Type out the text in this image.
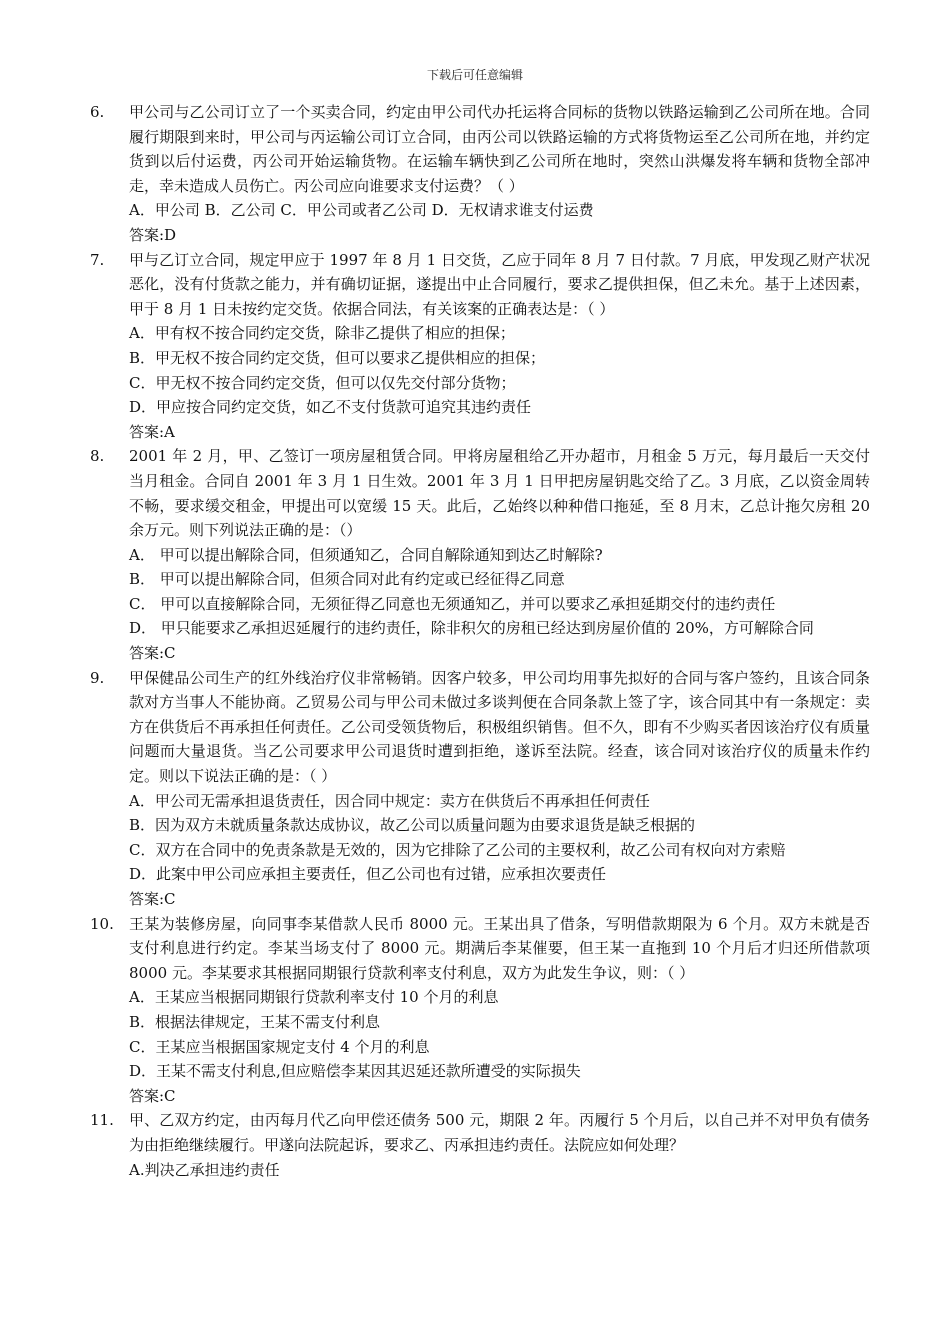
下载后可任意编辑
6.	甲公司与乙公司订立了一个买卖合同，约定由甲公司代办托运将合同标的货物以铁路运输到乙公司所在地。合同履行期限到来时，甲公司与丙运输公司订立合同，由丙公司以铁路运输的方式将货物运至乙公司所在地，并约定货到以后付运费，丙公司开始运输货物。在运输车辆快到乙公司所在地时，突然山洪爆发将车辆和货物全部冲走，幸未造成人员伤亡。丙公司应向谁要求支付运费？（ ）

A．甲公司 B．乙公司 C．甲公司或者乙公司 D．无权请求谁支付运费

答案:D

7.	甲与乙订立合同，规定甲应于 1997 年 8 月 1 日交货，乙应于同年 8 月 7 日付款。7 月底，甲发现乙财产状况恶化，没有付货款之能力，并有确切证据，遂提出中止合同履行，要求乙提供担保，但乙未允。基于上述因素，甲于 8 月 1 日未按约定交货。依据合同法，有关该案的正确表达是：（ ）

A．甲有权不按合同约定交货，除非乙提供了相应的担保；

B．甲无权不按合同约定交货，但可以要求乙提供相应的担保；

C．甲无权不按合同约定交货，但可以仅先交付部分货物；

D．甲应按合同约定交货，如乙不支付货款可追究其违约责任

答案:A

8.	2001 年 2 月，甲、乙签订一项房屋租赁合同。甲将房屋租给乙开办超市，月租金 5 万元，每月最后一天交付当月租金。合同自 2001 年 3 月 1 日生效。2001 年 3 月 1 日甲把房屋钥匙交给了乙。3 月底，乙以资金周转不畅，要求缓交租金，甲提出可以宽缓 15 天。此后，乙始终以种种借口拖延，至 8 月末，乙总计拖欠房租 20 余万元。则下列说法正确的是：（）

A． 甲可以提出解除合同，但须通知乙，合同自解除通知到达乙时解除?

B． 甲可以提出解除合同，但须合同对此有约定或已经征得乙同意

C． 甲可以直接解除合同，无须征得乙同意也无须通知乙，并可以要求乙承担延期交付的违约责任

D． 甲只能要求乙承担迟延履行的违约责任，除非积欠的房租已经达到房屋价值的 20%，方可解除合同

答案:C

9.	甲保健品公司生产的红外线治疗仪非常畅销。因客户较多，甲公司均用事先拟好的合同与客户签约，且该合同条款对方当事人不能协商。乙贸易公司与甲公司未做过多谈判便在合同条款上签了字，该合同其中有一条规定：卖方在供货后不再承担任何责任。乙公司受领货物后，积极组织销售。但不久，即有不少购买者因该治疗仪有质量问题而大量退货。当乙公司要求甲公司退货时遭到拒绝，遂诉至法院。经查，该合同对该治疗仪的质量未作约定。则以下说法正确的是：（ ）

A．甲公司无需承担退货责任，因合同中规定：卖方在供货后不再承担任何责任

B．因为双方未就质量条款达成协议，故乙公司以质量问题为由要求退货是缺乏根据的

C．双方在合同中的免责条款是无效的，因为它排除了乙公司的主要权利，故乙公司有权向对方索赔

D．此案中甲公司应承担主要责任，但乙公司也有过错，应承担次要责任

答案:C

10.	王某为装修房屋，向同事李某借款人民币 8000 元。王某出具了借条，写明借款期限为 6 个月。双方未就是否支付利息进行约定。李某当场支付了 8000 元。期满后李某催要，但王某一直拖到 10 个月后才归还所借款项 8000 元。李某要求其根据同期银行贷款利率支付利息，双方为此发生争议，则：（ ）

A．王某应当根据同期银行贷款利率支付 10 个月的利息

B．根据法律规定，王某不需支付利息

C．王某应当根据国家规定支付 4 个月的利息

D．王某不需支付利息,但应赔偿李某因其迟延还款所遭受的实际损失

答案:C

11.	甲、乙双方约定，由丙每月代乙向甲偿还债务 500 元，期限 2 年。丙履行 5 个月后，以自己并不对甲负有债务为由拒绝继续履行。甲遂向法院起诉，要求乙、丙承担违约责任。法院应如何处理？

A.判决乙承担违约责任
